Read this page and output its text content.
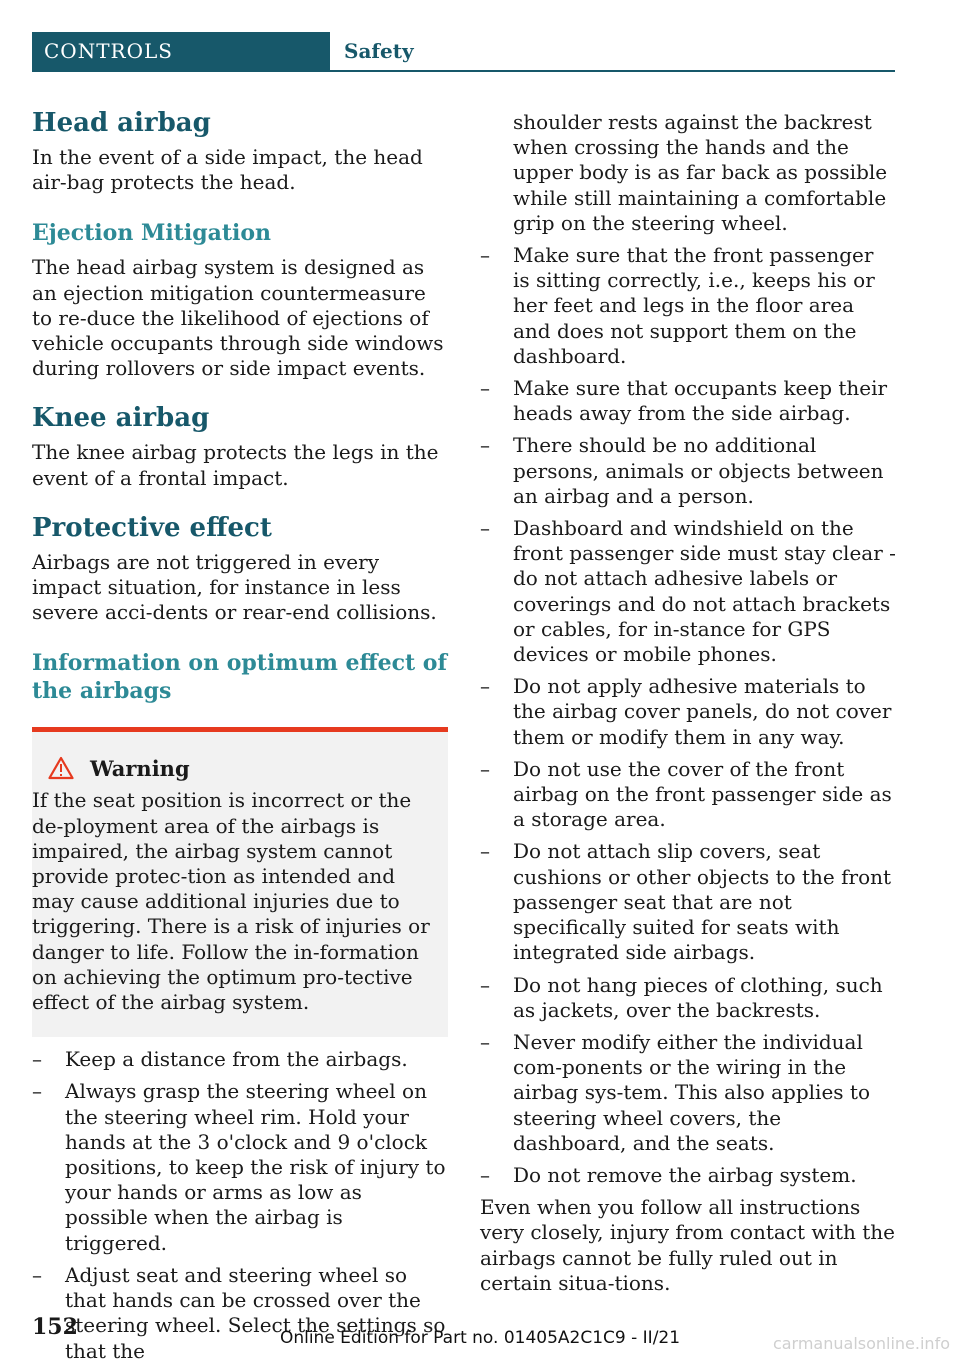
CONTROLS	Safety
Head airbag

In the event of a side impact, the head air-bag protects the head.

Ejection Mitigation

The head airbag system is designed as an ejection mitigation countermeasure to re-duce the likelihood of ejections of vehicle occupants through side windows during rollovers or side impact events.

Knee airbag

The knee airbag protects the legs in the event of a frontal impact.

Protective effect

Airbags are not triggered in every impact situation, for instance in less severe acci-dents or rear-end collisions.

Information on optimum effect of the airbags
Warning

If the seat position is incorrect or the de-ployment area of the airbags is impaired, the airbag system cannot provide protec-tion as intended and may cause additional injuries due to triggering. There is a risk of injuries or danger to life. Follow the in-formation on achieving the optimum pro-tective effect of the airbag system.

– Keep a distance from the airbags.
– Always grasp the steering wheel on the steering wheel rim. Hold your hands at the 3 o'clock and 9 o'clock positions, to keep the risk of injury to your hands or arms as low as possible when the airbag is triggered.
– Adjust seat and steering wheel so that hands can be crossed over the steering wheel. Select the settings so that the

shoulder rests against the backrest when crossing the hands and the upper body is as far back as possible while still maintaining a comfortable grip on the steering wheel.

– Make sure that the front passenger is sitting correctly, i.e., keeps his or her feet and legs in the floor area and does not support them on the dashboard.
– Make sure that occupants keep their heads away from the side airbag.
– There should be no additional persons, animals or objects between an airbag and a person.
– Dashboard and windshield on the front passenger side must stay clear - do not attach adhesive labels or coverings and do not attach brackets or cables, for in-stance for GPS devices or mobile phones.
– Do not apply adhesive materials to the airbag cover panels, do not cover them or modify them in any way.
– Do not use the cover of the front airbag on the front passenger side as a storage area.
– Do not attach slip covers, seat cushions or other objects to the front passenger seat that are not specifically suited for seats with integrated side airbags.
– Do not hang pieces of clothing, such as jackets, over the backrests.
– Never modify either the individual com-ponents or the wiring in the airbag sys-tem. This also applies to steering wheel covers, the dashboard, and the seats.
– Do not remove the airbag system.

Even when you follow all instructions very closely, injury from contact with the airbags cannot be fully ruled out in certain situa-tions.

152	Online Edition for Part no. 01405A2C1C9 - II/21	carmanualsonline.info
